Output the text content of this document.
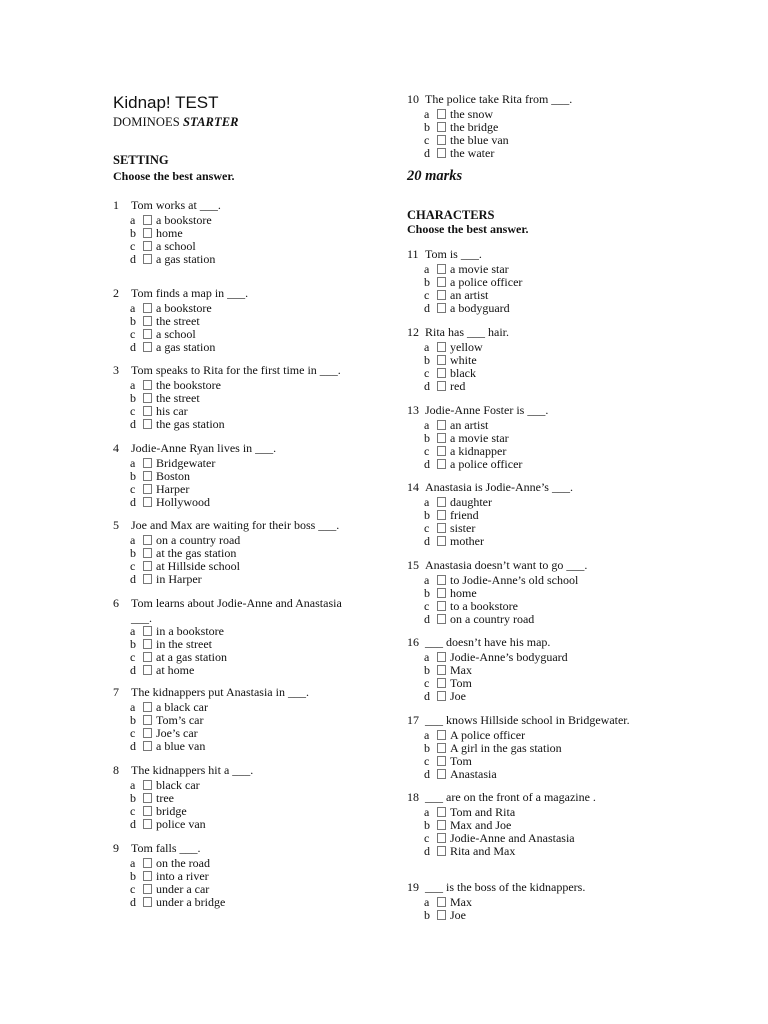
Kidnap! TEST
DOMINOES STARTER
SETTING
Choose the best answer.
1 Tom works at ___.
a a bookstore
b home
c a school
d a gas station
2 Tom finds a map in ___.
a a bookstore
b the street
c a school
d a gas station
3 Tom speaks to Rita for the first time in ___.
a the bookstore
b the street
c his car
d the gas station
4 Jodie-Anne Ryan lives in ___.
a Bridgewater
b Boston
c Harper
d Hollywood
5 Joe and Max are waiting for their boss ___.
a on a country road
b at the gas station
c at Hillside school
d in Harper
6 Tom learns about Jodie-Anne and Anastasia
___.
a in a bookstore
b in the street
c at a gas station
d at home
7 The kidnappers put Anastasia in ___.
a a black car
b Tom’s car
c Joe’s car
d a blue van
8 The kidnappers hit a ___.
a black car
b tree
c bridge
d police van
9 Tom falls ___.
a on the road
b into a river
c under a car
d under a bridge
10 The police take Rita from ___.
a the snow
b the bridge
c the blue van
d the water
20 marks
CHARACTERS
Choose the best answer.
11 Tom is ___.
a a movie star
b a police officer
c an artist
d a bodyguard
12 Rita has ___ hair.
a yellow
b white
c black
d red
13 Jodie-Anne Foster is ___.
a an artist
b a movie star
c a kidnapper
d a police officer
14 Anastasia is Jodie-Anne’s ___.
a daughter
b friend
c sister
d mother
15 Anastasia doesn’t want to go ___.
a to Jodie-Anne’s old school
b home
c to a bookstore
d on a country road
16 ___ doesn’t have his map.
a Jodie-Anne’s bodyguard
b Max
c Tom
d Joe
17 ___ knows Hillside school in Bridgewater.
a A police officer
b A girl in the gas station
c Tom
d Anastasia
18 ___ are on the front of a magazine .
a Tom and Rita
b Max and Joe
c Jodie-Anne and Anastasia
d Rita and Max
19 ___ is the boss of the kidnappers.
a Max
b Joe
